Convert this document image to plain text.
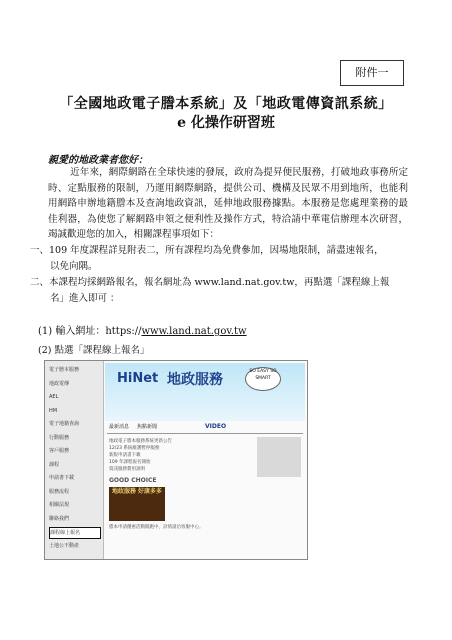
附件一
「全國地政電子謄本系統」及「地政電傳資訊系統」
e 化操作研習班
親愛的地政業者您好：
近年來，網際網路在全球快速的發展，政府為提昇便民服務，打破地政事務所定時、定點服務的限制，乃運用網際網路，提供公司、機構及民眾不用到地所，也能利用網路申辦地籍謄本及查詢地政資訊，延伸地政服務據點。本服務是您處理業務的最佳利器，為使您了解網路申領之便利性及操作方式，特洽請中華電信辦理本次研習，竭誠歡迎您的加入，相關課程事項如下：
一、109 年度課程詳見附表二，所有課程均為免費參加，因場地限制，請盡速報名，
以免向隅。
二、本課程均採網路報名，報名網址為 www.land.nat.gov.tw，再點選「課程線上報
名」進入即可 ：
(1) 輸入網址：https://www.land.nat.gov.tw
(2) 點選「課程線上報名」
電子謄本服務
地政電傳
AEL
HM
電子地籍查詢
行動服務
客戶服務
課程
申請書下載
服務流程
相關法規
聯絡我們
課程線上報名
土地公不動產
HiNet 地政服務
SO EASY SO SMART
最新消息 焦點新聞	VIDEO
地政電子謄本服務系統更新公告
12/23 系統維護暫停服務
新版申請書下載
109 年課程報名開始
資訊服務費用說明
GOOD CHOICE
地政服務 好康多多
謄本申請優惠活動開跑中，詳情請洽客服中心。
